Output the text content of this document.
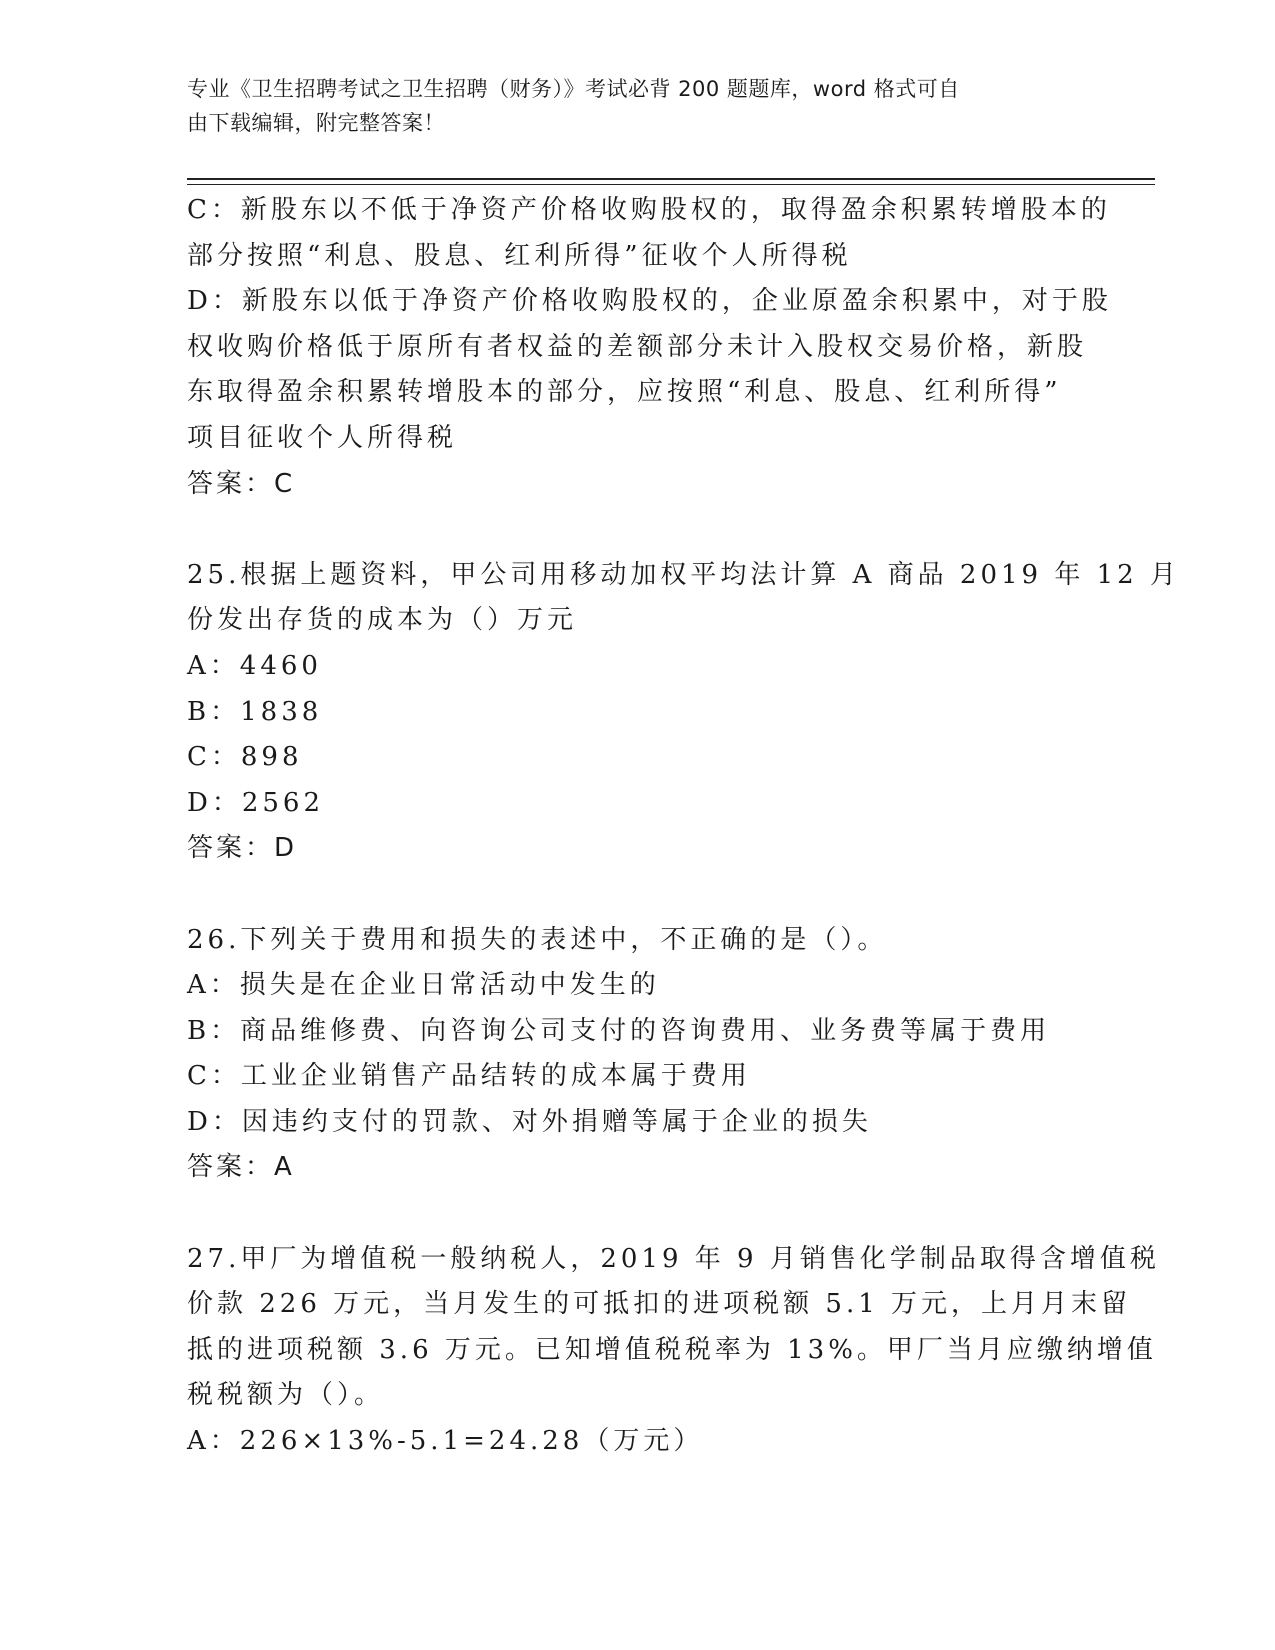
专业《卫生招聘考试之卫生招聘（财务）》考试必背 200 题题库，word 格式可自
由下载编辑，附完整答案！
C：新股东以不低于净资产价格收购股权的，取得盈余积累转增股本的
部分按照“利息、股息、红利所得”征收个人所得税
D：新股东以低于净资产价格收购股权的，企业原盈余积累中，对于股
权收购价格低于原所有者权益的差额部分未计入股权交易价格，新股
东取得盈余积累转增股本的部分，应按照“利息、股息、红利所得”
项目征收个人所得税
答案：C
25.根据上题资料，甲公司用移动加权平均法计算 A 商品 2019 年 12 月
份发出存货的成本为（）万元
A：4460
B：1838
C：898
D：2562
答案：D
26.下列关于费用和损失的表述中，不正确的是（）。
A：损失是在企业日常活动中发生的
B：商品维修费、向咨询公司支付的咨询费用、业务费等属于费用
C：工业企业销售产品结转的成本属于费用
D：因违约支付的罚款、对外捐赠等属于企业的损失
答案：A
27.甲厂为增值税一般纳税人，2019 年 9 月销售化学制品取得含增值税
价款 226 万元，当月发生的可抵扣的进项税额 5.1 万元，上月月末留
抵的进项税额 3.6 万元。已知增值税税率为 13%。甲厂当月应缴纳增值
税税额为（）。
A：226×13%-5.1=24.28（万元）
